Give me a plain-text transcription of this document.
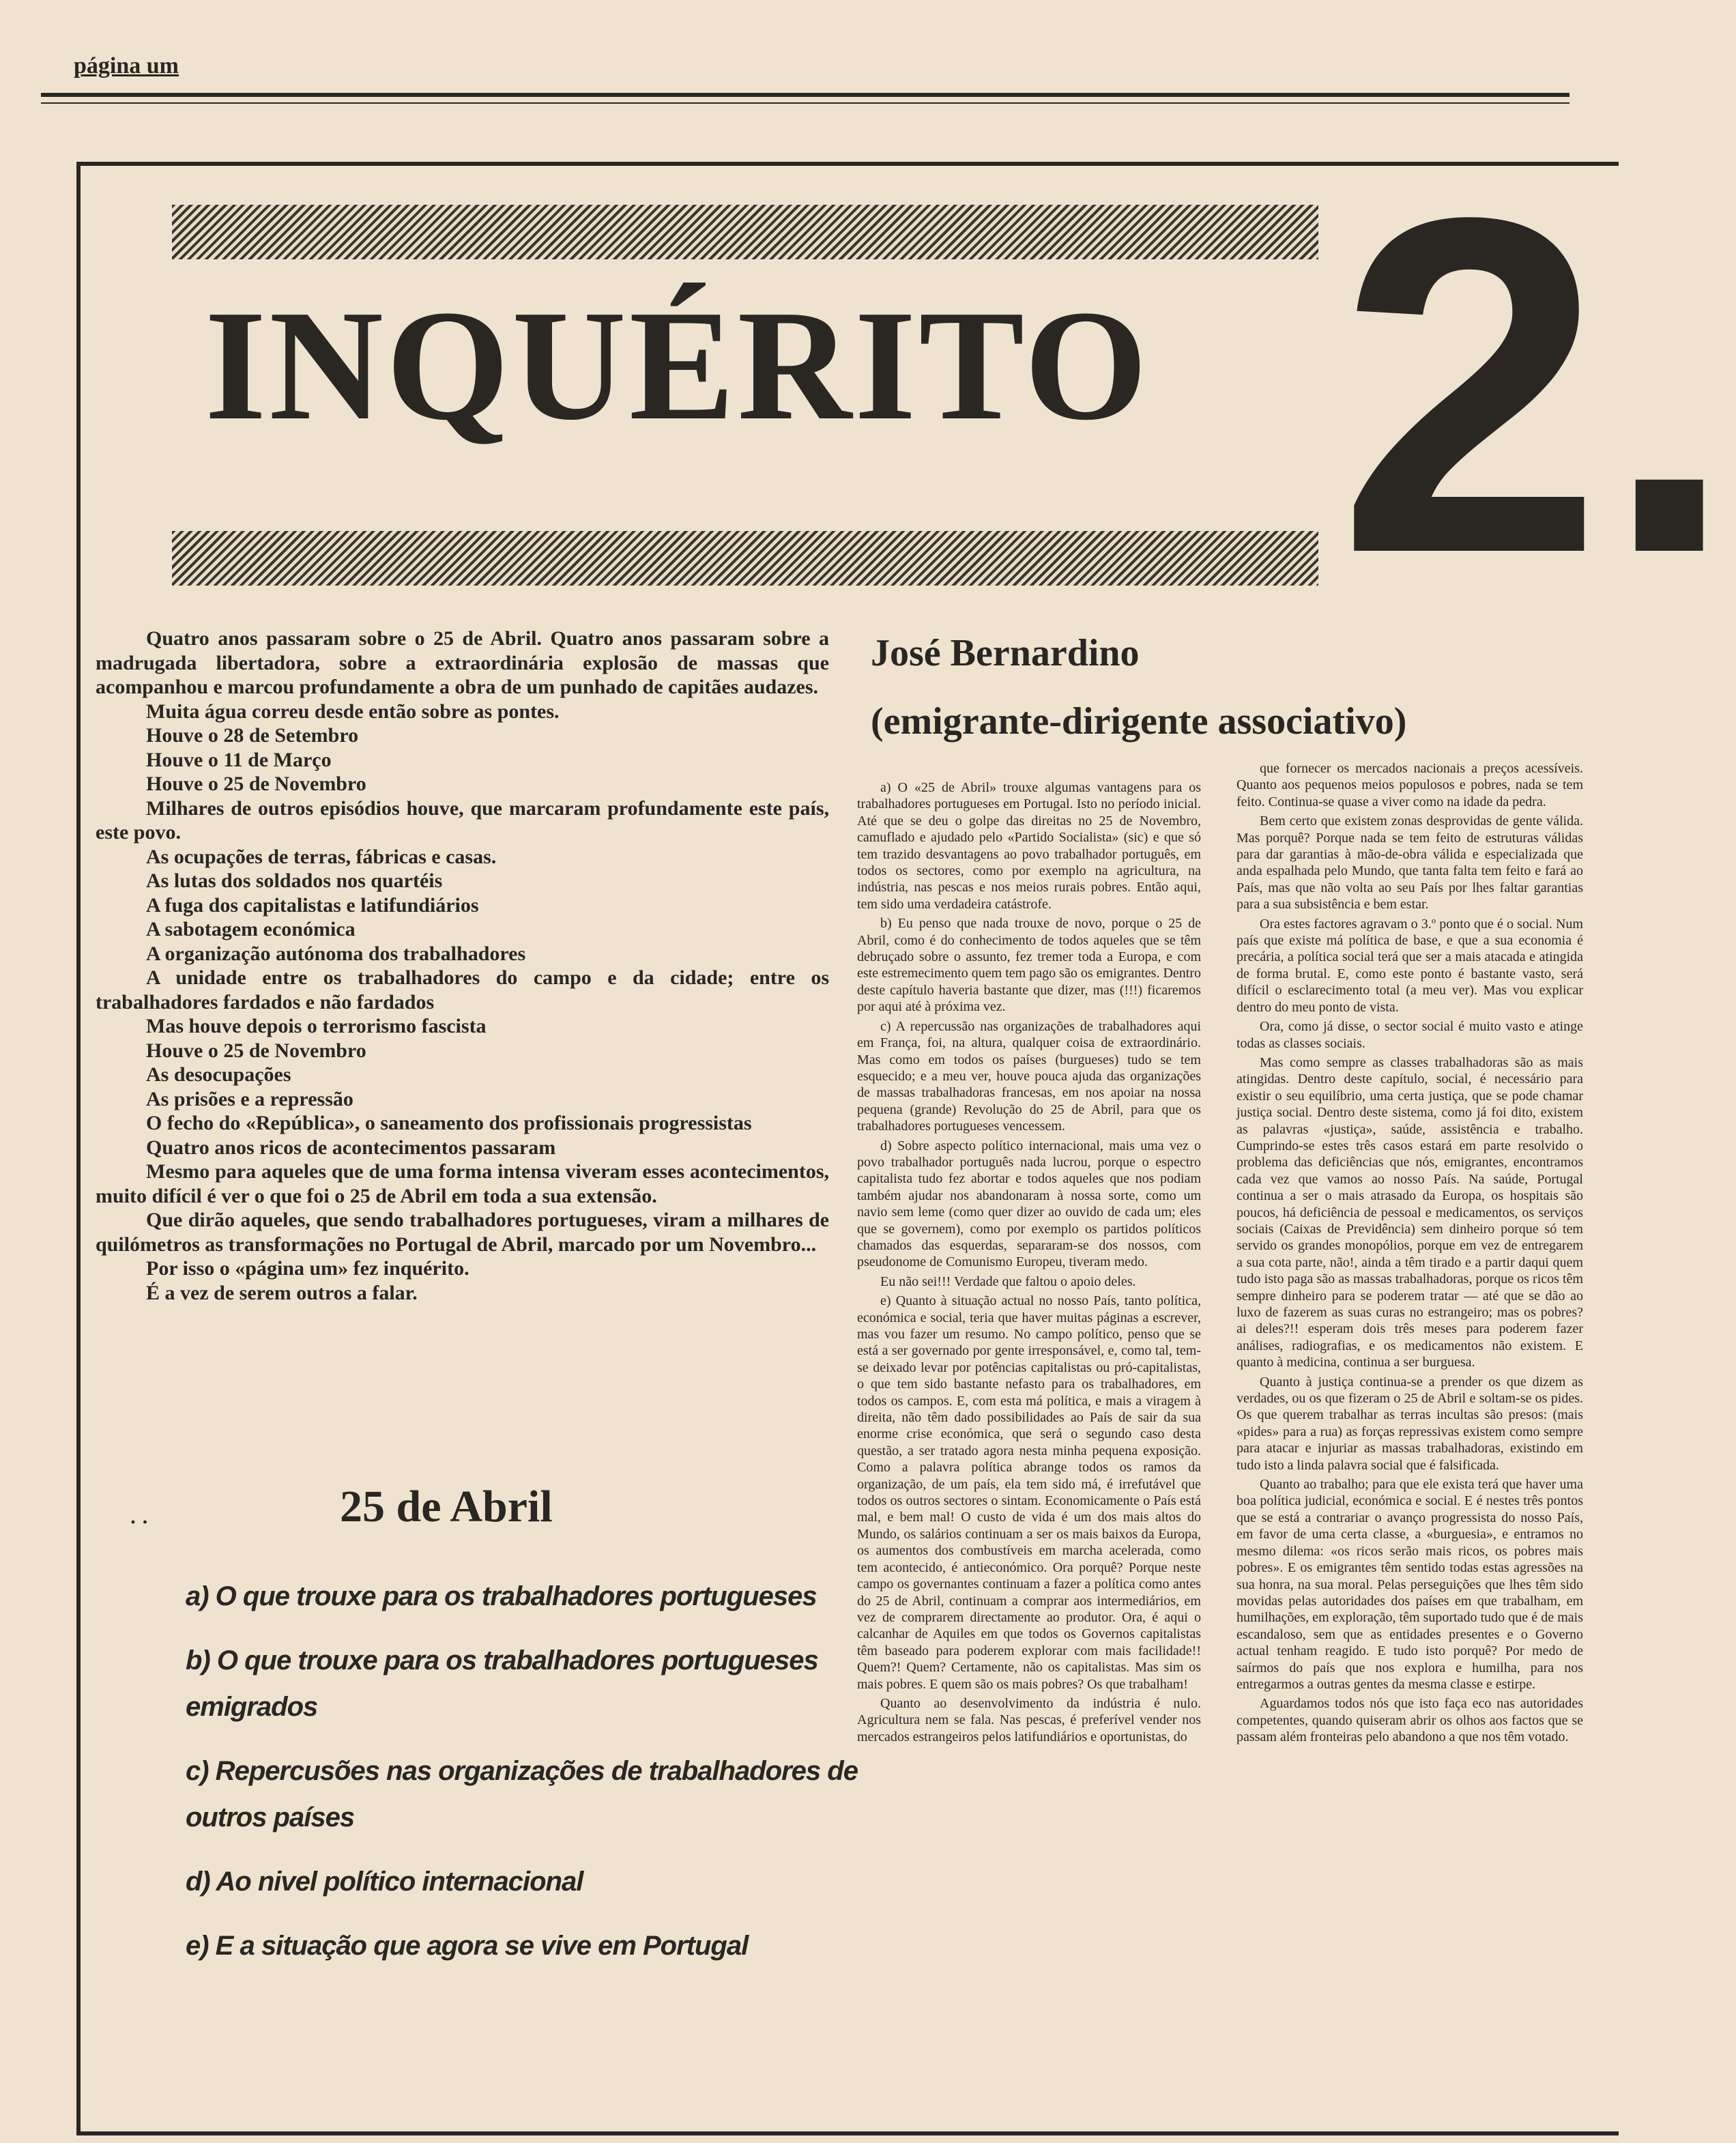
página um
INQUÉRITO 2.

Quatro anos passaram sobre o 25 de Abril. Quatro anos passaram sobre a madrugada libertadora, sobre a extraordinária explosão de massas que acompanhou e marcou profundamente a obra de um punhado de capitães audazes.

Muita água correu desde então sobre as pontes.

Houve o 28 de Setembro

Houve o 11 de Março

Houve o 25 de Novembro

Milhares de outros episódios houve, que marcaram profundamente este país, este povo.

As ocupações de terras, fábricas e casas.

As lutas dos soldados nos quartéis

A fuga dos capitalistas e latifundiários

A sabotagem económica

A organização autónoma dos trabalhadores

A unidade entre os trabalhadores do campo e da cidade; entre os trabalhadores fardados e não fardados

Mas houve depois o terrorismo fascista

Houve o 25 de Novembro

As desocupações

As prisões e a repressão

O fecho do «República», o saneamento dos profissionais progressistas

Quatro anos ricos de acontecimentos passaram

Mesmo para aqueles que de uma forma intensa viveram esses acontecimentos, muito difícil é ver o que foi o 25 de Abril em toda a sua extensão.

Que dirão aqueles, que sendo trabalhadores portugueses, viram a milhares de quilómetros as transformações no Portugal de Abril, marcado por um Novembro...

Por isso o «página um» fez inquérito.

É a vez de serem outros a falar.

· ·	25 de Abril
a) O que trouxe para os trabalhadores portugueses
b) O que trouxe para os trabalhadores portugueses emigrados
c) Repercusões nas organizações de trabalhadores de outros países
d) Ao nivel político internacional
e) E a situação que agora se vive em Portugal
José Bernardino
(emigrante-dirigente associativo)

a) O «25 de Abril» trouxe algumas vantagens para os trabalhadores portugueses em Portugal. Isto no período inicial. Até que se deu o golpe das direitas no 25 de Novembro, camuflado e ajudado pelo «Partido Socialista» (sic) e que só tem trazido desvantagens ao povo trabalhador português, em todos os sectores, como por exemplo na agricultura, na indústria, nas pescas e nos meios rurais pobres. Então aqui, tem sido uma verdadeira catástrofe.

b) Eu penso que nada trouxe de novo, porque o 25 de Abril, como é do conhecimento de todos aqueles que se têm debruçado sobre o assunto, fez tremer toda a Europa, e com este estremecimento quem tem pago são os emigrantes. Dentro deste capítulo haveria bastante que dizer, mas (!!!) ficaremos por aqui até à próxima vez.

c) A repercussão nas organizações de trabalhadores aqui em França, foi, na altura, qualquer coisa de extraordinário. Mas como em todos os países (burgueses) tudo se tem esquecido; e a meu ver, houve pouca ajuda das organizações de massas trabalhadoras francesas, em nos apoiar na nossa pequena (grande) Revolução do 25 de Abril, para que os trabalhadores portugueses vencessem.

d) Sobre aspecto político internacional, mais uma vez o povo trabalhador português nada lucrou, porque o espectro capitalista tudo fez abortar e todos aqueles que nos podiam também ajudar nos abandonaram à nossa sorte, como um navio sem leme (como quer dizer ao ouvido de cada um; eles que se governem), como por exemplo os partidos políticos chamados das esquerdas, separaram-se dos nossos, com pseudonome de Comunismo Europeu, tiveram medo.

Eu não sei!!! Verdade que faltou o apoio deles.

e) Quanto à situação actual no nosso País, tanto política, económica e social, teria que haver muitas páginas a escrever, mas vou fazer um resumo. No campo político, penso que se está a ser governado por gente irresponsável, e, como tal, tem-se deixado levar por potências capitalistas ou pró-capitalistas, o que tem sido bastante nefasto para os trabalhadores, em todos os campos. E, com esta má política, e mais a viragem à direita, não têm dado possibilidades ao País de sair da sua enorme crise económica, que será o segundo caso desta questão, a ser tratado agora nesta minha pequena exposição. Como a palavra política abrange todos os ramos da organização, de um país, ela tem sido má, é irrefutável que todos os outros sectores o sintam. Economicamente o País está mal, e bem mal! O custo de vida é um dos mais altos do Mundo, os salários continuam a ser os mais baixos da Europa, os aumentos dos combustíveis em marcha acelerada, como tem acontecido, é antieconómico. Ora porquê? Porque neste campo os governantes continuam a fazer a política como antes do 25 de Abril, continuam a comprar aos intermediários, em vez de comprarem directamente ao produtor. Ora, é aqui o calcanhar de Aquiles em que todos os Governos capitalistas têm baseado para poderem explorar com mais facilidade!! Quem?! Quem? Certamente, não os capitalistas. Mas sim os mais pobres. E quem são os mais pobres? Os que trabalham!

Quanto ao desenvolvimento da indústria é nulo. Agricultura nem se fala. Nas pescas, é preferível vender nos mercados estrangeiros pelos latifundiários e oportunistas, do

que fornecer os mercados nacionais a preços acessíveis. Quanto aos pequenos meios populosos e pobres, nada se tem feito. Continua-se quase a viver como na idade da pedra.

Bem certo que existem zonas desprovidas de gente válida. Mas porquê? Porque nada se tem feito de estruturas válidas para dar garantias à mão-de-obra válida e especializada que anda espalhada pelo Mundo, que tanta falta tem feito e fará ao País, mas que não volta ao seu País por lhes faltar garantias para a sua subsistência e bem estar.

Ora estes factores agravam o 3.º ponto que é o social. Num país que existe má política de base, e que a sua economia é precária, a política social terá que ser a mais atacada e atingida de forma brutal. E, como este ponto é bastante vasto, será difícil o esclarecimento total (a meu ver). Mas vou explicar dentro do meu ponto de vista.

Ora, como já disse, o sector social é muito vasto e atinge todas as classes sociais.

Mas como sempre as classes trabalhadoras são as mais atingidas. Dentro deste capítulo, social, é necessário para existir o seu equilíbrio, uma certa justiça, que se pode chamar justiça social. Dentro deste sistema, como já foi dito, existem as palavras «justiça», saúde, assistência e trabalho. Cumprindo-se estes três casos estará em parte resolvido o problema das deficiências que nós, emigrantes, encontramos cada vez que vamos ao nosso País. Na saúde, Portugal continua a ser o mais atrasado da Europa, os hospitais são poucos, há deficiência de pessoal e medicamentos, os serviços sociais (Caixas de Previdência) sem dinheiro porque só tem servido os grandes monopólios, porque em vez de entregarem a sua cota parte, não!, ainda a têm tirado e a partir daqui quem tudo isto paga são as massas trabalhadoras, porque os ricos têm sempre dinheiro para se poderem tratar — até que se dão ao luxo de fazerem as suas curas no estrangeiro; mas os pobres? ai deles?!! esperam dois três meses para poderem fazer análises, radiografias, e os medicamentos não existem. E quanto à medicina, continua a ser burguesa.

Quanto à justiça continua-se a prender os que dizem as verdades, ou os que fizeram o 25 de Abril e soltam-se os pides. Os que querem trabalhar as terras incultas são presos: (mais «pides» para a rua) as forças repressivas existem como sempre para atacar e injuriar as massas trabalhadoras, existindo em tudo isto a linda palavra social que é falsificada.

Quanto ao trabalho; para que ele exista terá que haver uma boa política judicial, económica e social. E é nestes três pontos que se está a contrariar o avanço progressista do nosso País, em favor de uma certa classe, a «burguesia», e entramos no mesmo dilema: «os ricos serão mais ricos, os pobres mais pobres». E os emigrantes têm sentido todas estas agressões na sua honra, na sua moral. Pelas perseguições que lhes têm sido movidas pelas autoridades dos países em que trabalham, em humilhações, em exploração, têm suportado tudo que é de mais escandaloso, sem que as entidades presentes e o Governo actual tenham reagido. E tudo isto porquê? Por medo de saírmos do país que nos explora e humilha, para nos entregarmos a outras gentes da mesma classe e estirpe.

Aguardamos todos nós que isto faça eco nas autoridades competentes, quando quiseram abrir os olhos aos factos que se passam além fronteiras pelo abandono a que nos têm votado.
